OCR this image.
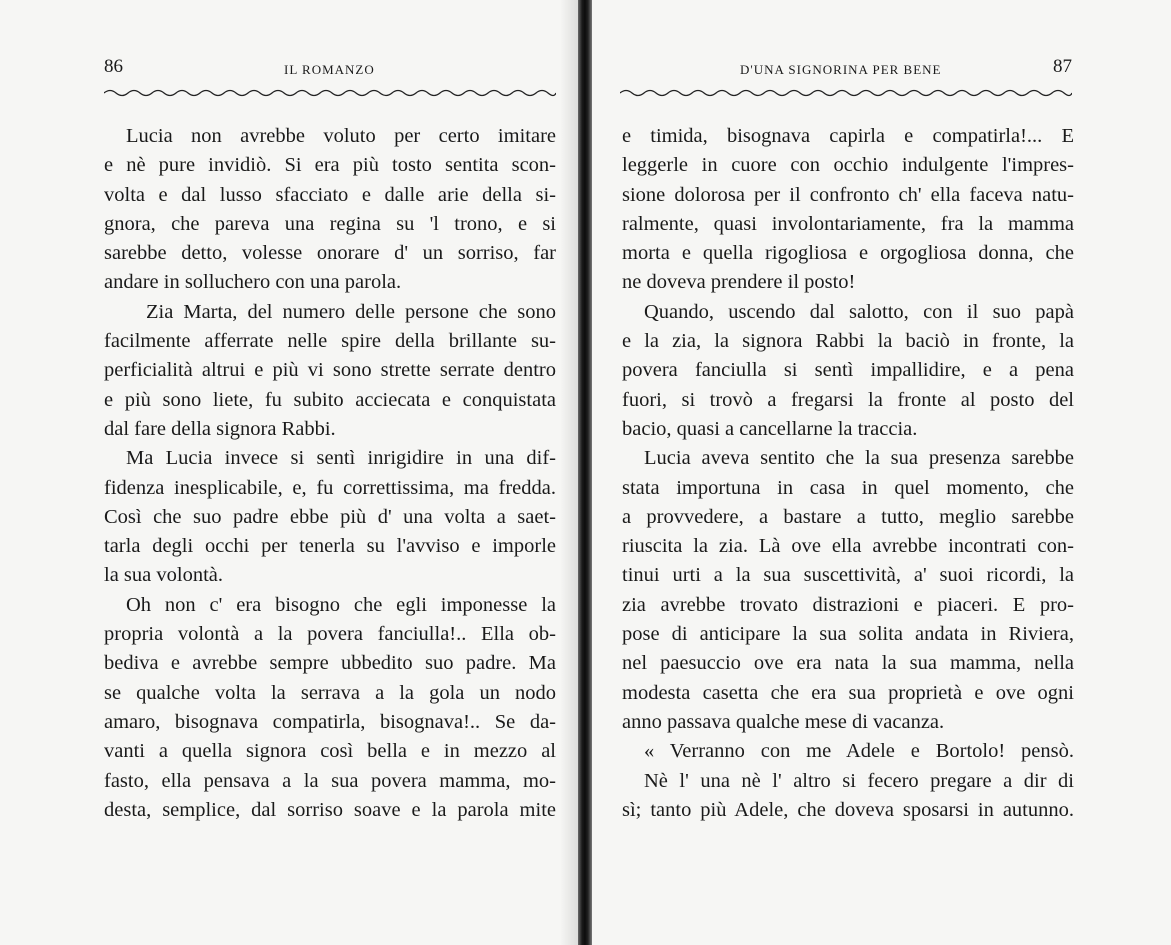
86	IL ROMANZO
Lucia non avrebbe voluto per certo imitare
e nè pure invidiò. Si era più tosto sentita scon-
volta e dal lusso sfacciato e dalle arie della si-
gnora, che pareva una regina su 'l trono, e si
sarebbe detto, volesse onorare d' un sorriso, far
andare in solluchero con una parola.
Zia Marta, del numero delle persone che sono
facilmente afferrate nelle spire della brillante su-
perficialità altrui e più vi sono strette serrate dentro
e più sono liete, fu subito acciecata e conquistata
dal fare della signora Rabbi.
Ma Lucia invece si sentì inrigidire in una dif-
fidenza inesplicabile, e, fu correttissima, ma fredda.
Così che suo padre ebbe più d' una volta a saet-
tarla degli occhi per tenerla su l'avviso e imporle
la sua volontà.
Oh non c' era bisogno che egli imponesse la
propria volontà a la povera fanciulla!.. Ella ob-
bediva e avrebbe sempre ubbedito suo padre. Ma
se qualche volta la serrava a la gola un nodo
amaro, bisognava compatirla, bisognava!.. Se da-
vanti a quella signora così bella e in mezzo al
fasto, ella pensava a la sua povera mamma, mo-
desta, semplice, dal sorriso soave e la parola mite
D'UNA SIGNORINA PER BENE	87
e timida, bisognava capirla e compatirla!... E
leggerle in cuore con occhio indulgente l'impres-
sione dolorosa per il confronto ch' ella faceva natu-
ralmente, quasi involontariamente, fra la mamma
morta e quella rigogliosa e orgogliosa donna, che
ne doveva prendere il posto!
Quando, uscendo dal salotto, con il suo papà
e la zia, la signora Rabbi la baciò in fronte, la
povera fanciulla si sentì impallidire, e a pena
fuori, si trovò a fregarsi la fronte al posto del
bacio, quasi a cancellarne la traccia.
Lucia aveva sentito che la sua presenza sarebbe
stata importuna in casa in quel momento, che
a provvedere, a bastare a tutto, meglio sarebbe
riuscita la zia. Là ove ella avrebbe incontrati con-
tinui urti a la sua suscettività, a' suoi ricordi, la
zia avrebbe trovato distrazioni e piaceri. E pro-
pose di anticipare la sua solita andata in Riviera,
nel paesuccio ove era nata la sua mamma, nella
modesta casetta che era sua proprietà e ove ogni
anno passava qualche mese di vacanza.
« Verranno con me Adele e Bortolo! pensò.
Nè l' una nè l' altro si fecero pregare a dir di
sì; tanto più Adele, che doveva sposarsi in autunno.
